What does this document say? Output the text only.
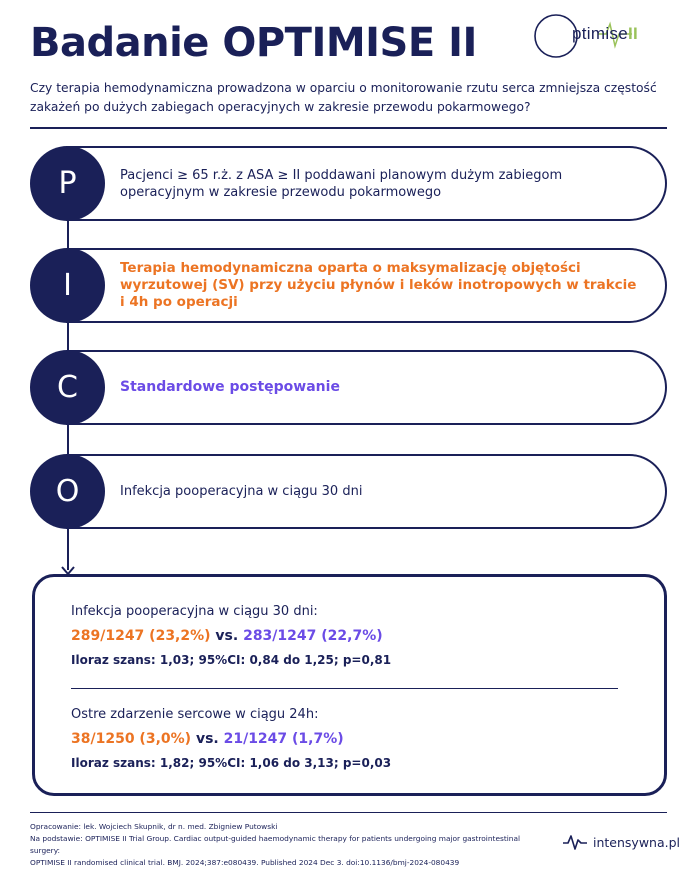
Badanie OPTIMISE II	ptimiseII
Czy terapia hemodynamiczna prowadzona w oparciu o monitorowanie rzutu serca zmniejsza częstość zakażeń po dużych zabiegach operacyjnych w zakresie przewodu pokarmowego?
Pacjenci ≥ 65 r.ż. z ASA ≥ II poddawani planowym dużym zabiegom operacyjnym w zakresie przewodu pokarmowego
P
Terapia hemodynamiczna oparta o maksymalizację objętości wyrzutowej (SV) przy użyciu płynów i leków inotropowych w trakcie i 4h po operacji
I
Standardowe postępowanie
C
Infekcja pooperacyjna w ciągu 30 dni
O
Infekcja pooperacyjna w ciągu 30 dni:
289/1247 (23,2%) vs. 283/1247 (22,7%)
Iloraz szans: 1,03; 95%CI: 0,84 do 1,25; p=0,81
Ostre zdarzenie sercowe w ciągu 24h:
38/1250 (3,0%) vs. 21/1247 (1,7%)
Iloraz szans: 1,82; 95%CI: 1,06 do 3,13; p=0,03
Opracowanie: lek. Wojciech Skupnik, dr n. med. Zbigniew Putowski
Na podstawie: OPTIMISE II Trial Group. Cardiac output-guided haemodynamic therapy for patients undergoing major gastrointestinal surgery:
OPTIMISE II randomised clinical trial. BMJ. 2024;387:e080439. Published 2024 Dec 3. doi:10.1136/bmj-2024-080439
intensywna.pl
